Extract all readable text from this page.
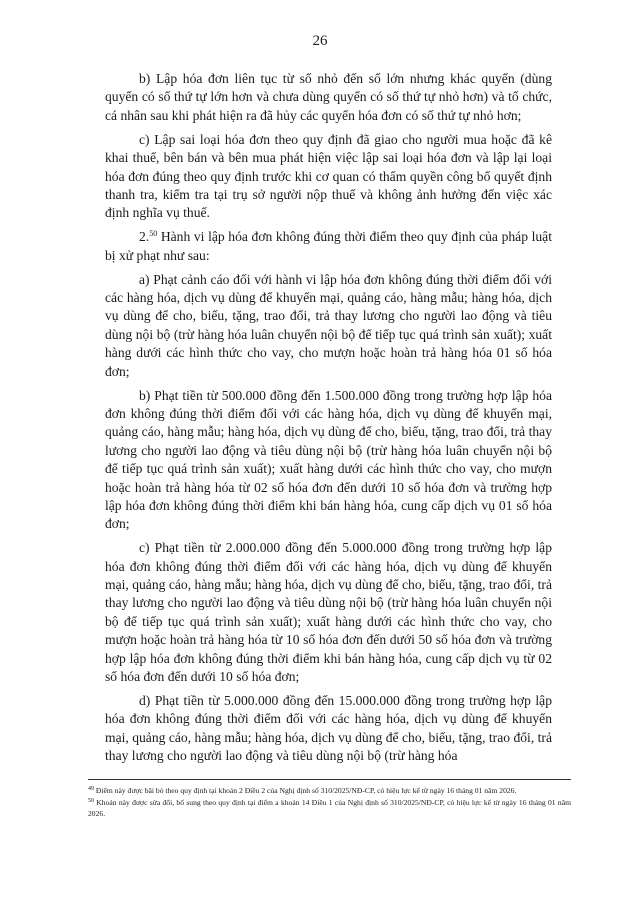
26

b) Lập hóa đơn liên tục từ số nhỏ đến số lớn nhưng khác quyển (dùng quyển có số thứ tự lớn hơn và chưa dùng quyển có số thứ tự nhỏ hơn) và tổ chức, cá nhân sau khi phát hiện ra đã hủy các quyển hóa đơn có số thứ tự nhỏ hơn;

c) Lập sai loại hóa đơn theo quy định đã giao cho người mua hoặc đã kê khai thuế, bên bán và bên mua phát hiện việc lập sai loại hóa đơn và lập lại loại hóa đơn đúng theo quy định trước khi cơ quan có thẩm quyền công bố quyết định thanh tra, kiểm tra tại trụ sở người nộp thuế và không ảnh hưởng đến việc xác định nghĩa vụ thuế.

2.50 Hành vi lập hóa đơn không đúng thời điểm theo quy định của pháp luật bị xử phạt như sau:

a) Phạt cảnh cáo đối với hành vi lập hóa đơn không đúng thời điểm đối với các hàng hóa, dịch vụ dùng để khuyến mại, quảng cáo, hàng mẫu; hàng hóa, dịch vụ dùng để cho, biếu, tặng, trao đổi, trả thay lương cho người lao động và tiêu dùng nội bộ (trừ hàng hóa luân chuyển nội bộ để tiếp tục quá trình sản xuất); xuất hàng dưới các hình thức cho vay, cho mượn hoặc hoàn trả hàng hóa 01 số hóa đơn;

b) Phạt tiền từ 500.000 đồng đến 1.500.000 đồng trong trường hợp lập hóa đơn không đúng thời điểm đối với các hàng hóa, dịch vụ dùng để khuyến mại, quảng cáo, hàng mẫu; hàng hóa, dịch vụ dùng để cho, biếu, tặng, trao đổi, trả thay lương cho người lao động và tiêu dùng nội bộ (trừ hàng hóa luân chuyển nội bộ để tiếp tục quá trình sản xuất); xuất hàng dưới các hình thức cho vay, cho mượn hoặc hoàn trả hàng hóa từ 02 số hóa đơn đến dưới 10 số hóa đơn và trường hợp lập hóa đơn không đúng thời điểm khi bán hàng hóa, cung cấp dịch vụ 01 số hóa đơn;

c) Phạt tiền từ 2.000.000 đồng đến 5.000.000 đồng trong trường hợp lập hóa đơn không đúng thời điểm đối với các hàng hóa, dịch vụ dùng để khuyến mại, quảng cáo, hàng mẫu; hàng hóa, dịch vụ dùng để cho, biếu, tặng, trao đổi, trả thay lương cho người lao động và tiêu dùng nội bộ (trừ hàng hóa luân chuyển nội bộ để tiếp tục quá trình sản xuất); xuất hàng dưới các hình thức cho vay, cho mượn hoặc hoàn trả hàng hóa từ 10 số hóa đơn đến dưới 50 số hóa đơn và trường hợp lập hóa đơn không đúng thời điểm khi bán hàng hóa, cung cấp dịch vụ từ 02 số hóa đơn đến dưới 10 số hóa đơn;

d) Phạt tiền từ 5.000.000 đồng đến 15.000.000 đồng trong trường hợp lập hóa đơn không đúng thời điểm đối với các hàng hóa, dịch vụ dùng để khuyến mại, quảng cáo, hàng mẫu; hàng hóa, dịch vụ dùng để cho, biếu, tặng, trao đổi, trả thay lương cho người lao động và tiêu dùng nội bộ (trừ hàng hóa

$^{49}$ Điểm này được bãi bỏ theo quy định tại khoản 2 Điều 2 của Nghị định số 310/2025/NĐ-CP, có hiệu lực kể từ ngày 16 tháng 01 năm 2026.

$^{50}$ Khoản này được sửa đổi, bổ sung theo quy định tại điểm a khoản 14 Điều 1 của Nghị định số 310/2025/NĐ-CP, có hiệu lực kể từ ngày 16 tháng 01 năm 2026.
